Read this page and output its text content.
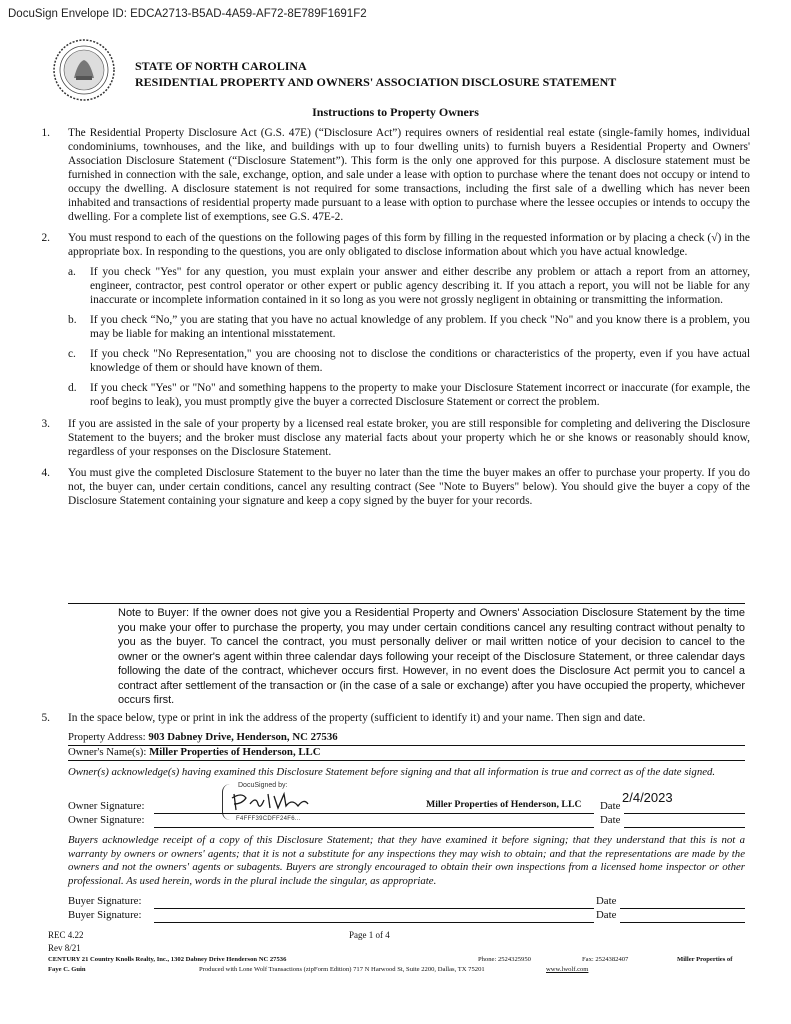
DocuSign Envelope ID: EDCA2713-B5AD-4A59-AF72-8E789F1691F2
STATE OF NORTH CAROLINA
RESIDENTIAL PROPERTY AND OWNERS' ASSOCIATION DISCLOSURE STATEMENT
Instructions to Property Owners
1.	The Residential Property Disclosure Act (G.S. 47E) (“Disclosure Act”) requires owners of residential real estate (single-family homes, individual condominiums, townhouses, and the like, and buildings with up to four dwelling units) to furnish buyers a Residential Property and Owners' Association Disclosure Statement (“Disclosure Statement”). This form is the only one approved for this purpose. A disclosure statement must be furnished in connection with the sale, exchange, option, and sale under a lease with option to purchase where the tenant does not occupy or intend to occupy the dwelling. A disclosure statement is not required for some transactions, including the first sale of a dwelling which has never been inhabited and transactions of residential property made pursuant to a lease with option to purchase where the lessee occupies or intends to occupy the dwelling. For a complete list of exemptions, see G.S. 47E-2.
2.	You must respond to each of the questions on the following pages of this form by filling in the requested information or by placing a check (√) in the appropriate box. In responding to the questions, you are only obligated to disclose information about which you have actual knowledge.
a.	If you check "Yes" for any question, you must explain your answer and either describe any problem or attach a report from an attorney, engineer, contractor, pest control operator or other expert or public agency describing it. If you attach a report, you will not be liable for any inaccurate or incomplete information contained in it so long as you were not grossly negligent in obtaining or transmitting the information.
b.	If you check “No,” you are stating that you have no actual knowledge of any problem. If you check "No" and you know there is a problem, you may be liable for making an intentional misstatement.
c.	If you check "No Representation," you are choosing not to disclose the conditions or characteristics of the property, even if you have actual knowledge of them or should have known of them.
d.	If you check "Yes" or "No" and something happens to the property to make your Disclosure Statement incorrect or inaccurate (for example, the roof begins to leak), you must promptly give the buyer a corrected Disclosure Statement or correct the problem.
3.	If you are assisted in the sale of your property by a licensed real estate broker, you are still responsible for completing and delivering the Disclosure Statement to the buyers; and the broker must disclose any material facts about your property which he or she knows or reasonably should know, regardless of your responses on the Disclosure Statement.
4.	You must give the completed Disclosure Statement to the buyer no later than the time the buyer makes an offer to purchase your property. If you do not, the buyer can, under certain conditions, cancel any resulting contract (See "Note to Buyers" below). You should give the buyer a copy of the Disclosure Statement containing your signature and keep a copy signed by the buyer for your records.
Note to Buyer: If the owner does not give you a Residential Property and Owners' Association Disclosure Statement by the time you make your offer to purchase the property, you may under certain conditions cancel any resulting contract without penalty to you as the buyer. To cancel the contract, you must personally deliver or mail written notice of your decision to cancel to the owner or the owner's agent within three calendar days following your receipt of the Disclosure Statement, or three calendar days following the date of the contract, whichever occurs first. However, in no event does the Disclosure Act permit you to cancel a contract after settlement of the transaction or (in the case of a sale or exchange) after you have occupied the property, whichever occurs first.
5.	In the space below, type or print in ink the address of the property (sufficient to identify it) and your name. Then sign and date.
Property Address: 903 Dabney Drive, Henderson, NC 27536
Owner's Name(s): Miller Properties of Henderson, LLC
Owner(s) acknowledge(s) having examined this Disclosure Statement before signing and that all information is true and correct as of the date signed.
DocuSigned by:
F4FFF39CDFF24F6...
Owner Signature:	Miller Properties of Henderson, LLC Date
2/4/2023
Owner Signature:	Date
Buyers acknowledge receipt of a copy of this Disclosure Statement; that they have examined it before signing; that they understand that this is not a warranty by owners or owners' agents; that it is not a substitute for any inspections they may wish to obtain; and that the representations are made by the owners and not the owners' agents or subagents. Buyers are strongly encouraged to obtain their own inspections from a licensed home inspector or other professional. As used herein, words in the plural include the singular, as appropriate.
Buyer Signature:	Date
Buyer Signature:	Date
REC 4.22	Page 1 of 4
Rev 8/21
CENTURY 21 Country Knolls Realty, Inc., 1302 Dabney Drive Henderson NC 27536	Phone: 2524325950	Fax: 2524382407	Miller Properties of
Faye C. Guin	Produced with Lone Wolf Transactions (zipForm Edition) 717 N Harwood St, Suite 2200, Dallas, TX 75201	www.lwolf.com
